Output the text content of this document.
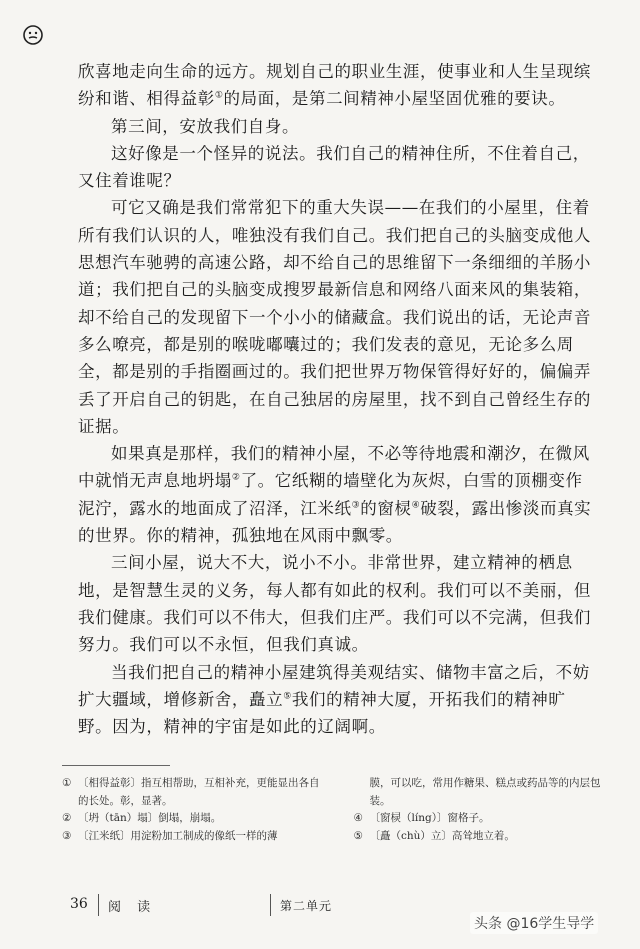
欣喜地走向生命的远方。规划自己的职业生涯，使事业和人生呈现缤纷和谐、相得益彰①的局面，是第二间精神小屋坚固优雅的要诀。

第三间，安放我们自身。

这好像是一个怪异的说法。我们自己的精神住所，不住着自己，又住着谁呢？

可它又确是我们常常犯下的重大失误——在我们的小屋里，住着所有我们认识的人，唯独没有我们自己。我们把自己的头脑变成他人思想汽车驰骋的高速公路，却不给自己的思维留下一条细细的羊肠小道；我们把自己的头脑变成搜罗最新信息和网络八面来风的集装箱，却不给自己的发现留下一个小小的储藏盒。我们说出的话，无论声音多么嘹亮，都是别的喉咙嘟囔过的；我们发表的意见，无论多么周全，都是别的手指圈画过的。我们把世界万物保管得好好的，偏偏弄丢了开启自己的钥匙，在自己独居的房屋里，找不到自己曾经生存的证据。

如果真是那样，我们的精神小屋，不必等待地震和潮汐，在微风中就悄无声息地坍塌②了。它纸糊的墙壁化为灰烬，白雪的顶棚变作泥泞，露水的地面成了沼泽，江米纸③的窗棂④破裂，露出惨淡而真实的世界。你的精神，孤独地在风雨中飘零。

三间小屋，说大不大，说小不小。非常世界，建立精神的栖息地，是智慧生灵的义务，每人都有如此的权利。我们可以不美丽，但我们健康。我们可以不伟大，但我们庄严。我们可以不完满，但我们努力。我们可以不永恒，但我们真诚。

当我们把自己的精神小屋建筑得美观结实、储物丰富之后，不妨扩大疆域，增修新舍，矗立⑤我们的精神大厦，开拓我们的精神旷野。因为，精神的宇宙是如此的辽阔啊。

① 〔相得益彰〕指互相帮助，互相补充，更能显出各自的长处。彰，显著。
② 〔坍（tān）塌〕倒塌，崩塌。
③ 〔江米纸〕用淀粉加工制成的像纸一样的薄
膜，可以吃，常用作糖果、糕点或药品等的内层包装。
④ 〔窗棂（líng）〕窗格子。
⑤ 〔矗（chù）立〕高耸地立着。
36 阅 读	第二单元
头条 @16学生导学
